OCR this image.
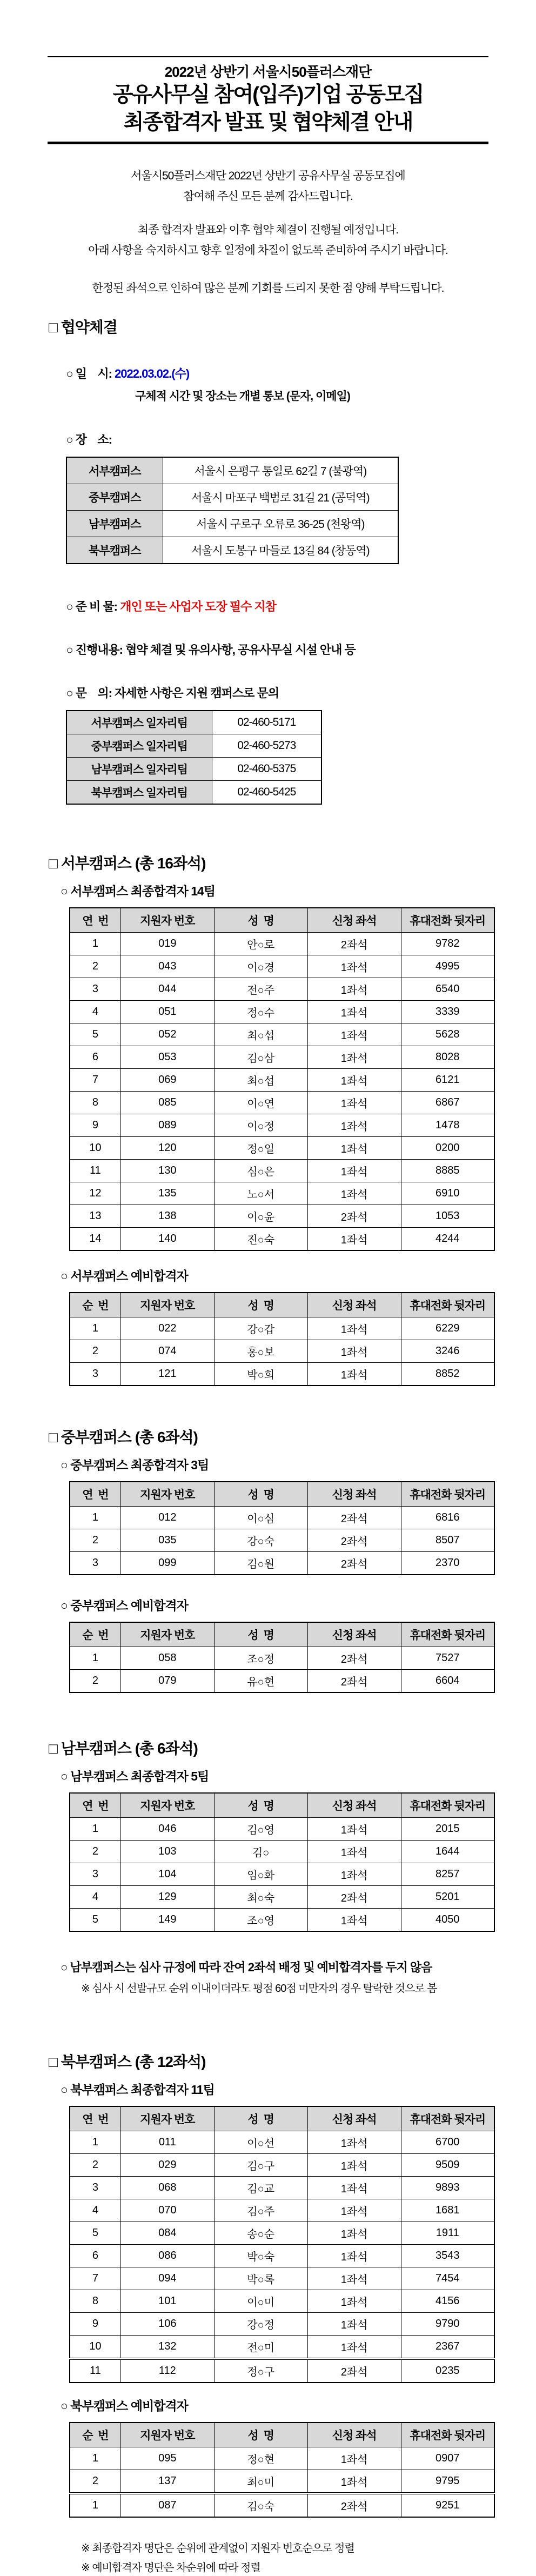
2022년 상반기 서울시50플러스재단
공유사무실 참여(입주)기업 공동모집
최종합격자 발표 및 협약체결 안내

서울시50플러스재단 2022년 상반기 공유사무실 공동모집에

참여해 주신 모든 분께 감사드립니다.

최종 합격자 발표와 이후 협약 체결이 진행될 예정입니다.

아래 사항을 숙지하시고 향후 일정에 차질이 없도록 준비하여 주시기 바랍니다.

한정된 좌석으로 인하여 많은 분께 기회를 드리지 못한 점 양해 부탁드립니다.

□ 협약체결

○ 일    시: 2022.03.02.(수)

구체적 시간 및 장소는 개별 통보 (문자, 이메일)

○ 장    소:

서부캠퍼스	서울시 은평구 통일로 62길 7 (불광역)
중부캠퍼스	서울시 마포구 백범로 31길 21 (공덕역)
남부캠퍼스	서울시 구로구 오류로 36-25 (천왕역)
북부캠퍼스	서울시 도봉구 마들로 13길 84 (창동역)

○ 준 비 물: 개인 또는 사업자 도장 필수 지참

○ 진행내용: 협약 체결 및 유의사항, 공유사무실 시설 안내 등

○ 문    의: 자세한 사항은 지원 캠퍼스로 문의

서부캠퍼스 일자리팀	02-460-5171
중부캠퍼스 일자리팀	02-460-5273
남부캠퍼스 일자리팀	02-460-5375
북부캠퍼스 일자리팀	02-460-5425
□ 서부캠퍼스 (총 16좌석)
○ 서부캠퍼스 최종합격자 14팀
연  번	지원자 번호	성  명	신청 좌석	휴대전화 뒷자리
1	019	안○로	2좌석	9782
2	043	이○경	1좌석	4995
3	044	전○주	1좌석	6540
4	051	정○수	1좌석	3339
5	052	최○섭	1좌석	5628
6	053	김○삼	1좌석	8028
7	069	최○섭	1좌석	6121
8	085	이○연	1좌석	6867
9	089	이○정	1좌석	1478
10	120	정○일	1좌석	0200
11	130	심○은	1좌석	8885
12	135	노○서	1좌석	6910
13	138	이○윤	2좌석	1053
14	140	진○숙	1좌석	4244
○ 서부캠퍼스 예비합격자
순  번	지원자 번호	성  명	신청 좌석	휴대전화 뒷자리
1	022	강○갑	1좌석	6229
2	074	홍○보	1좌석	3246
3	121	박○희	1좌석	8852
□ 중부캠퍼스 (총 6좌석)
○ 중부캠퍼스 최종합격자 3팀
연  번	지원자 번호	성  명	신청 좌석	휴대전화 뒷자리
1	012	이○심	2좌석	6816
2	035	강○숙	2좌석	8507
3	099	김○원	2좌석	2370
○ 중부캠퍼스 예비합격자
순  번	지원자 번호	성  명	신청 좌석	휴대전화 뒷자리
1	058	조○정	2좌석	7527
2	079	유○현	2좌석	6604
□ 남부캠퍼스 (총 6좌석)
○ 남부캠퍼스 최종합격자 5팀
연  번	지원자 번호	성  명	신청 좌석	휴대전화 뒷자리
1	046	김○영	1좌석	2015
2	103	김○	1좌석	1644
3	104	임○화	1좌석	8257
4	129	최○숙	2좌석	5201
5	149	조○영	1좌석	4050
○ 남부캠퍼스는 심사 규정에 따라 잔여 2좌석 배정 및 예비합격자를 두지 않음
※ 심사 시 선발규모 순위 이내이더라도 평점 60점 미만자의 경우 탈락한 것으로 봄
□ 북부캠퍼스 (총 12좌석)
○ 북부캠퍼스 최종합격자 11팀
연  번	지원자 번호	성  명	신청 좌석	휴대전화 뒷자리
1	011	이○선	1좌석	6700
2	029	김○구	1좌석	9509
3	068	김○교	1좌석	9893
4	070	김○주	1좌석	1681
5	084	송○순	1좌석	1911
6	086	박○숙	1좌석	3543
7	094	박○록	1좌석	7454
8	101	이○미	1좌석	4156
9	106	강○정	1좌석	9790
10	132	전○미	1좌석	2367
11	112	정○구	2좌석	0235
○ 북부캠퍼스 예비합격자
순  번	지원자 번호	성  명	신청 좌석	휴대전화 뒷자리
1	095	정○현	1좌석	0907
2	137	최○미	1좌석	9795
1	087	김○숙	2좌석	9251

※ 최종합격자 명단은 순위에 관계없이 지원자 번호순으로 정렬

※ 예비합격자 명단은 차순위에 따라 정렬
